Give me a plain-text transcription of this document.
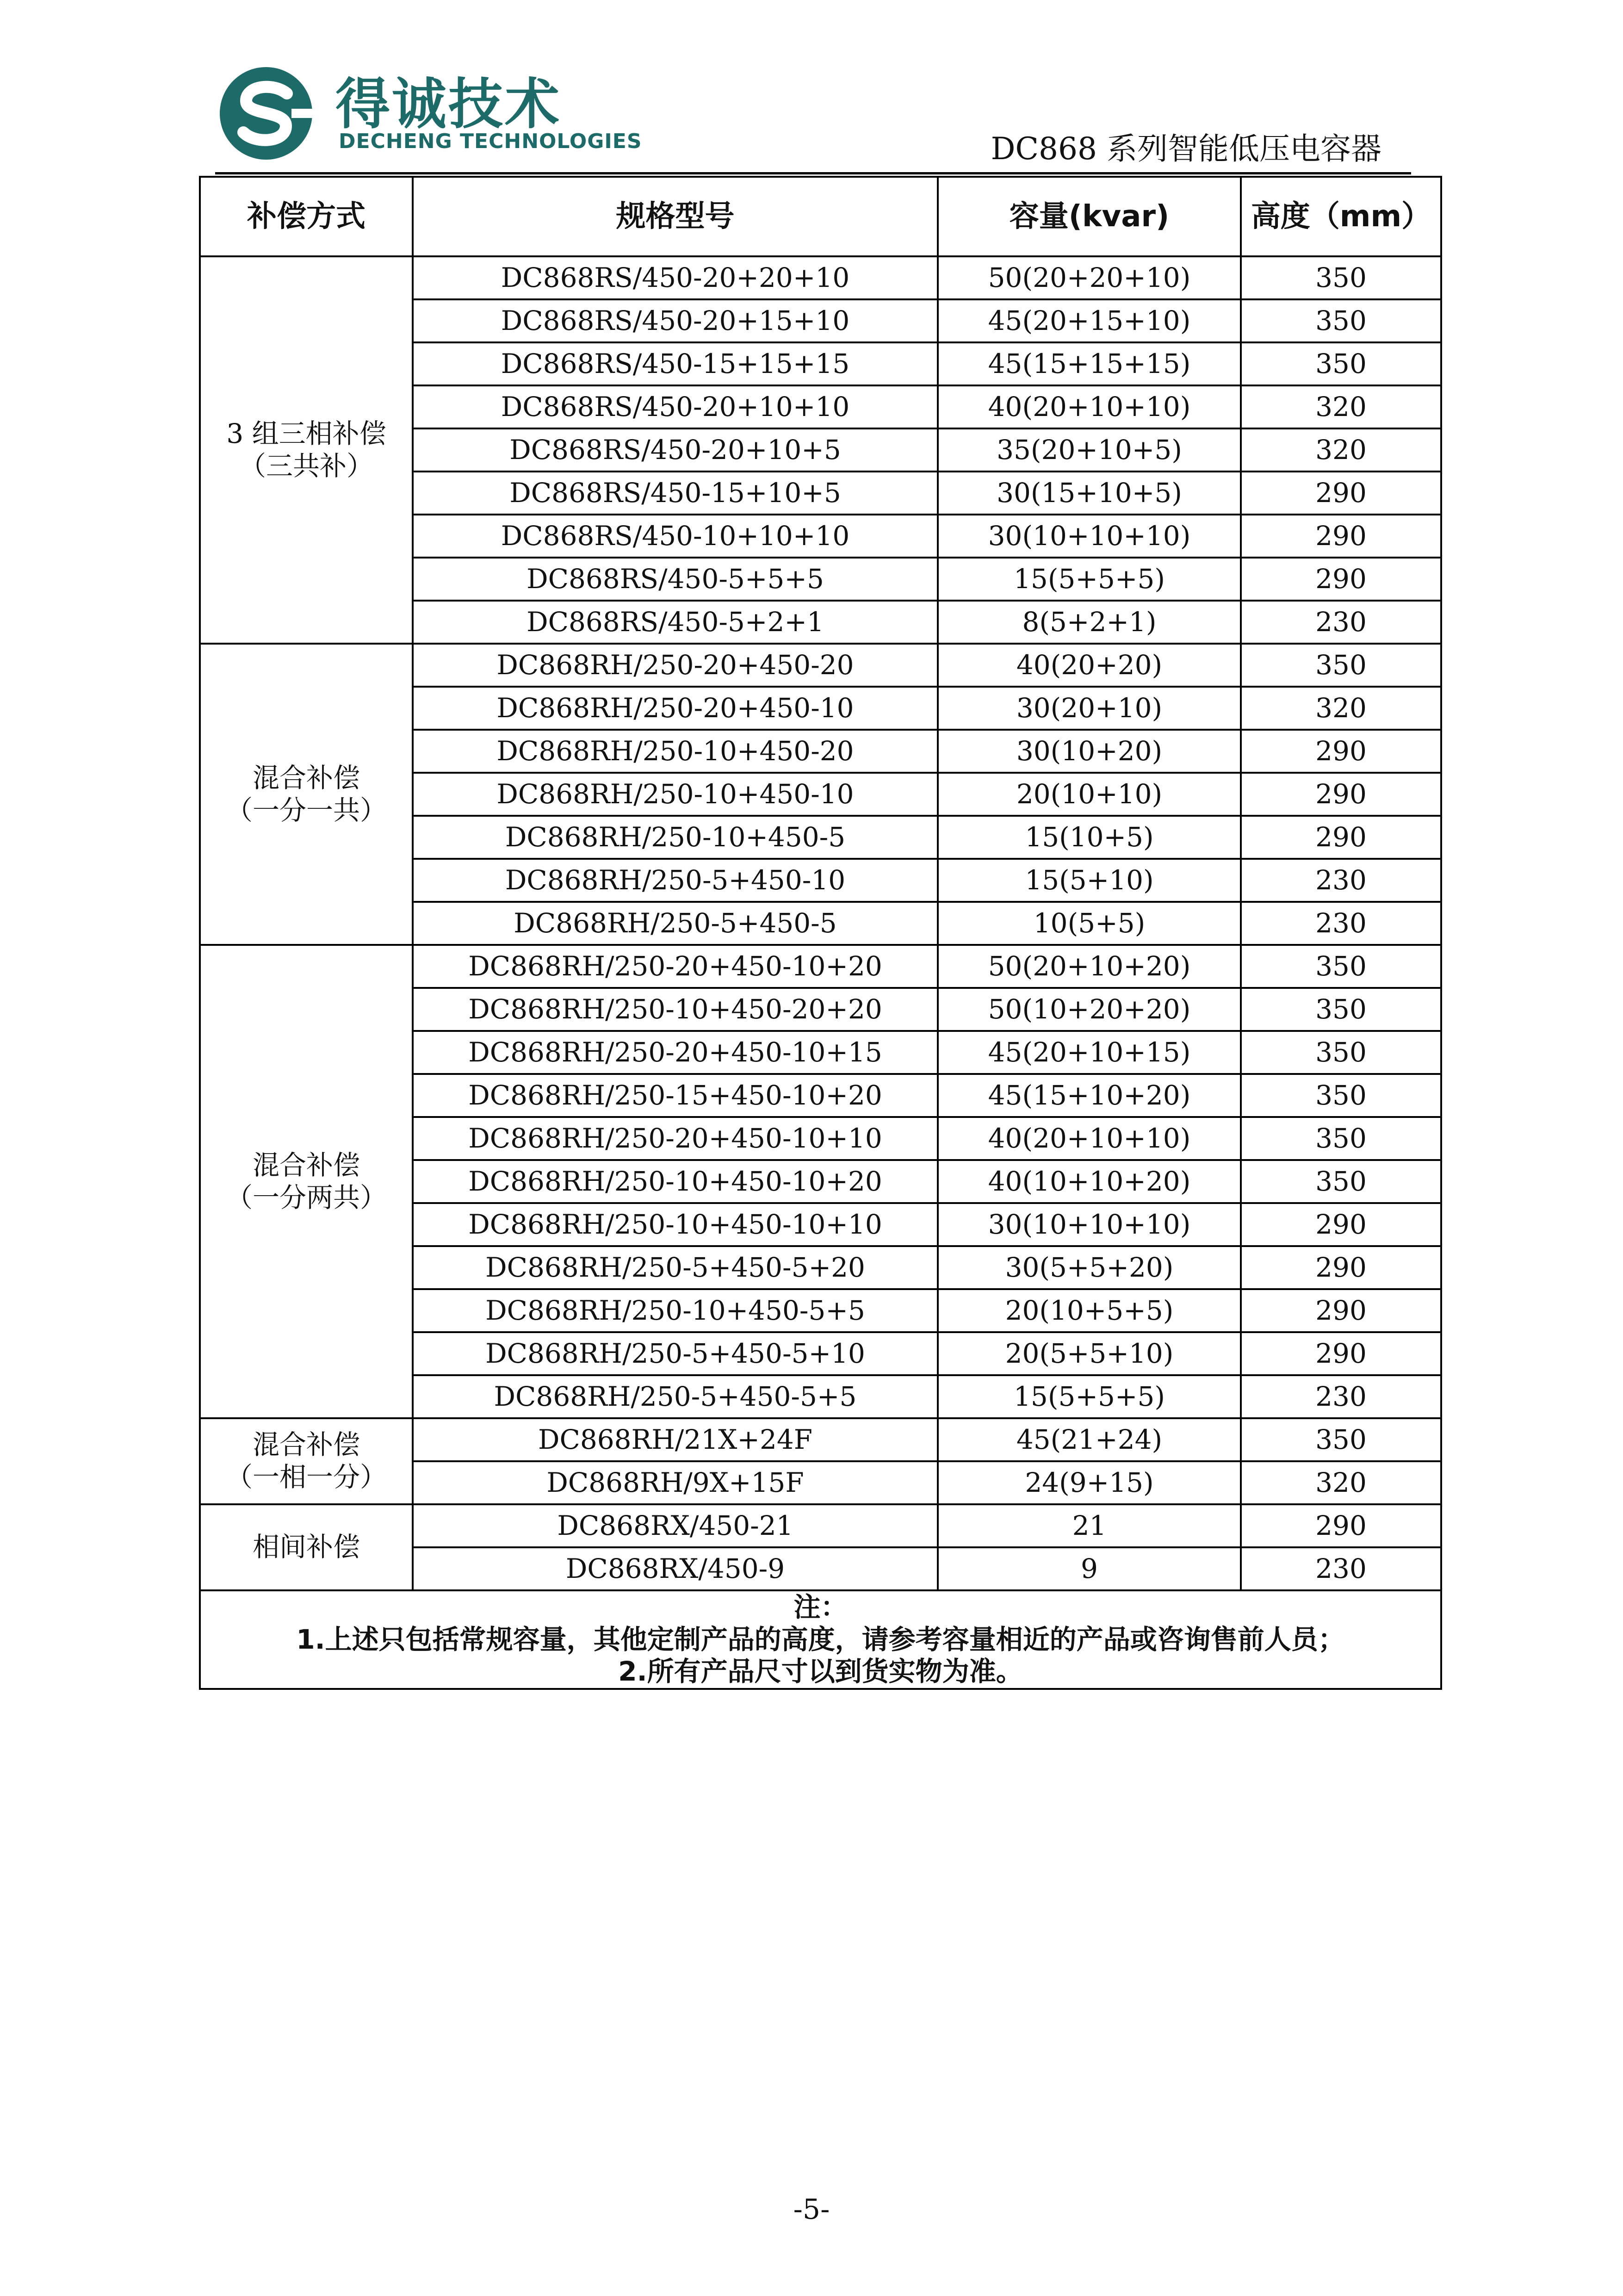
得诚技术
DECHENG TECHNOLOGIES	DC868 系列智能低压电容器
补偿方式	规格型号	容量(kvar)	高度（mm）

3 组三相补偿
（三共补）	DC868RS/450-20+20+10	50(20+20+10)	350
	DC868RS/450-20+15+10	45(20+15+10)	350
	DC868RS/450-15+15+15	45(15+15+15)	350
	DC868RS/450-20+10+10	40(20+10+10)	320
	DC868RS/450-20+10+5	35(20+10+5)	320
	DC868RS/450-15+10+5	30(15+10+5)	290
	DC868RS/450-10+10+10	30(10+10+10)	290
	DC868RS/450-5+5+5	15(5+5+5)	290
	DC868RS/450-5+2+1	8(5+2+1)	230

混合补偿
（一分一共）	DC868RH/250-20+450-20	40(20+20)	350
	DC868RH/250-20+450-10	30(20+10)	320
	DC868RH/250-10+450-20	30(10+20)	290
	DC868RH/250-10+450-10	20(10+10)	290
	DC868RH/250-10+450-5	15(10+5)	290
	DC868RH/250-5+450-10	15(5+10)	230
	DC868RH/250-5+450-5	10(5+5)	230

混合补偿
（一分两共）	DC868RH/250-20+450-10+20	50(20+10+20)	350
	DC868RH/250-10+450-20+20	50(10+20+20)	350
	DC868RH/250-20+450-10+15	45(20+10+15)	350
	DC868RH/250-15+450-10+20	45(15+10+20)	350
	DC868RH/250-20+450-10+10	40(20+10+10)	350
	DC868RH/250-10+450-10+20	40(10+10+20)	350
	DC868RH/250-10+450-10+10	30(10+10+10)	290
	DC868RH/250-5+450-5+20	30(5+5+20)	290
	DC868RH/250-10+450-5+5	20(10+5+5)	290
	DC868RH/250-5+450-5+10	20(5+5+10)	290
	DC868RH/250-5+450-5+5	15(5+5+5)	230

混合补偿
（一相一分）	DC868RH/21X+24F	45(21+24)	350
	DC868RH/9X+15F	24(9+15)	320

相间补偿	DC868RX/450-21	21	290
	DC868RX/450-9	9	230

注：
1.上述只包括常规容量，其他定制产品的高度，请参考容量相近的产品或咨询售前人员；
2.所有产品尺寸以到货实物为准。			
-5-
